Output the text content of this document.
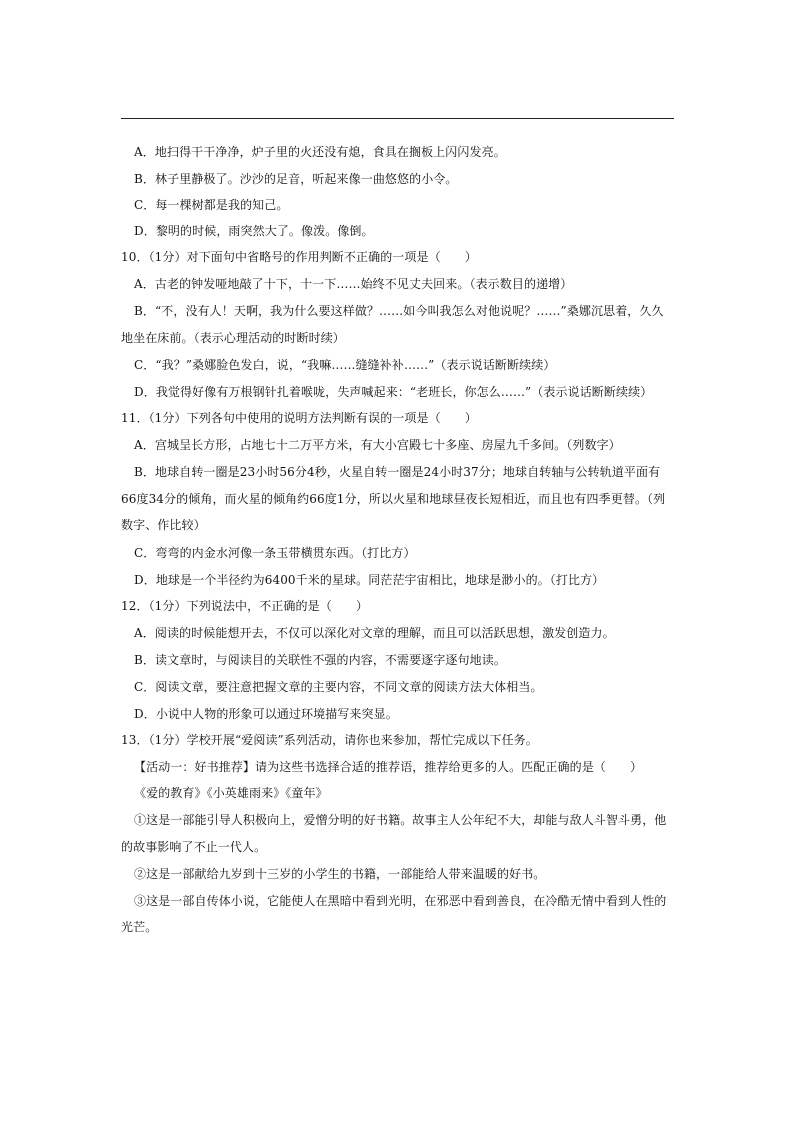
A．地扫得干干净净，炉子里的火还没有熄，食具在搁板上闪闪发亮。
B．林子里静极了。沙沙的足音，听起来像一曲悠悠的小令。
C．每一棵树都是我的知己。
D．黎明的时候，雨突然大了。像泼。像倒。
10．（1分）对下面句中省略号的作用判断不正确的一项是（　　）
A．古老的钟发哑地敲了十下，十一下……始终不见丈夫回来。（表示数目的递增）
B．“不，没有人！天啊，我为什么要这样做？……如今叫我怎么对他说呢？……”桑娜沉思着，久久
地坐在床前。（表示心理活动的时断时续）
C．“我？”桑娜脸色发白，说，“我嘛……缝缝补补……”（表示说话断断续续）
D．我觉得好像有万根钢针扎着喉咙，失声喊起来：“老班长，你怎么……”（表示说话断断续续）
11．（1分）下列各句中使用的说明方法判断有误的一项是（　　）
A．宫城呈长方形，占地七十二万平方米，有大小宫殿七十多座、房屋九千多间。（列数字）
B．地球自转一圈是23小时56分4秒，火星自转一圈是24小时37分；地球自转轴与公转轨道平面有
66度34分的倾角，而火星的倾角约66度1分，所以火星和地球昼夜长短相近，而且也有四季更替。（列
数字、作比较）
C．弯弯的内金水河像一条玉带横贯东西。（打比方）
D．地球是一个半径约为6400千米的星球。同茫茫宇宙相比，地球是渺小的。（打比方）
12．（1分）下列说法中，不正确的是（　　）
A．阅读的时候能想开去，不仅可以深化对文章的理解，而且可以活跃思想，激发创造力。
B．读文章时，与阅读目的关联性不强的内容，不需要逐字逐句地读。
C．阅读文章，要注意把握文章的主要内容，不同文章的阅读方法大体相当。
D．小说中人物的形象可以通过环境描写来突显。
13．（1分）学校开展“爱阅读”系列活动，请你也来参加，帮忙完成以下任务。
【活动一：好书推荐】请为这些书选择合适的推荐语，推荐给更多的人。匹配正确的是（　　）
《爱的教育》《小英雄雨来》《童年》
①这是一部能引导人积极向上，爱憎分明的好书籍。故事主人公年纪不大，却能与敌人斗智斗勇，他
的故事影响了不止一代人。
②这是一部献给九岁到十三岁的小学生的书籍，一部能给人带来温暖的好书。
③这是一部自传体小说，它能使人在黑暗中看到光明，在邪恶中看到善良，在冷酷无情中看到人性的
光芒。
